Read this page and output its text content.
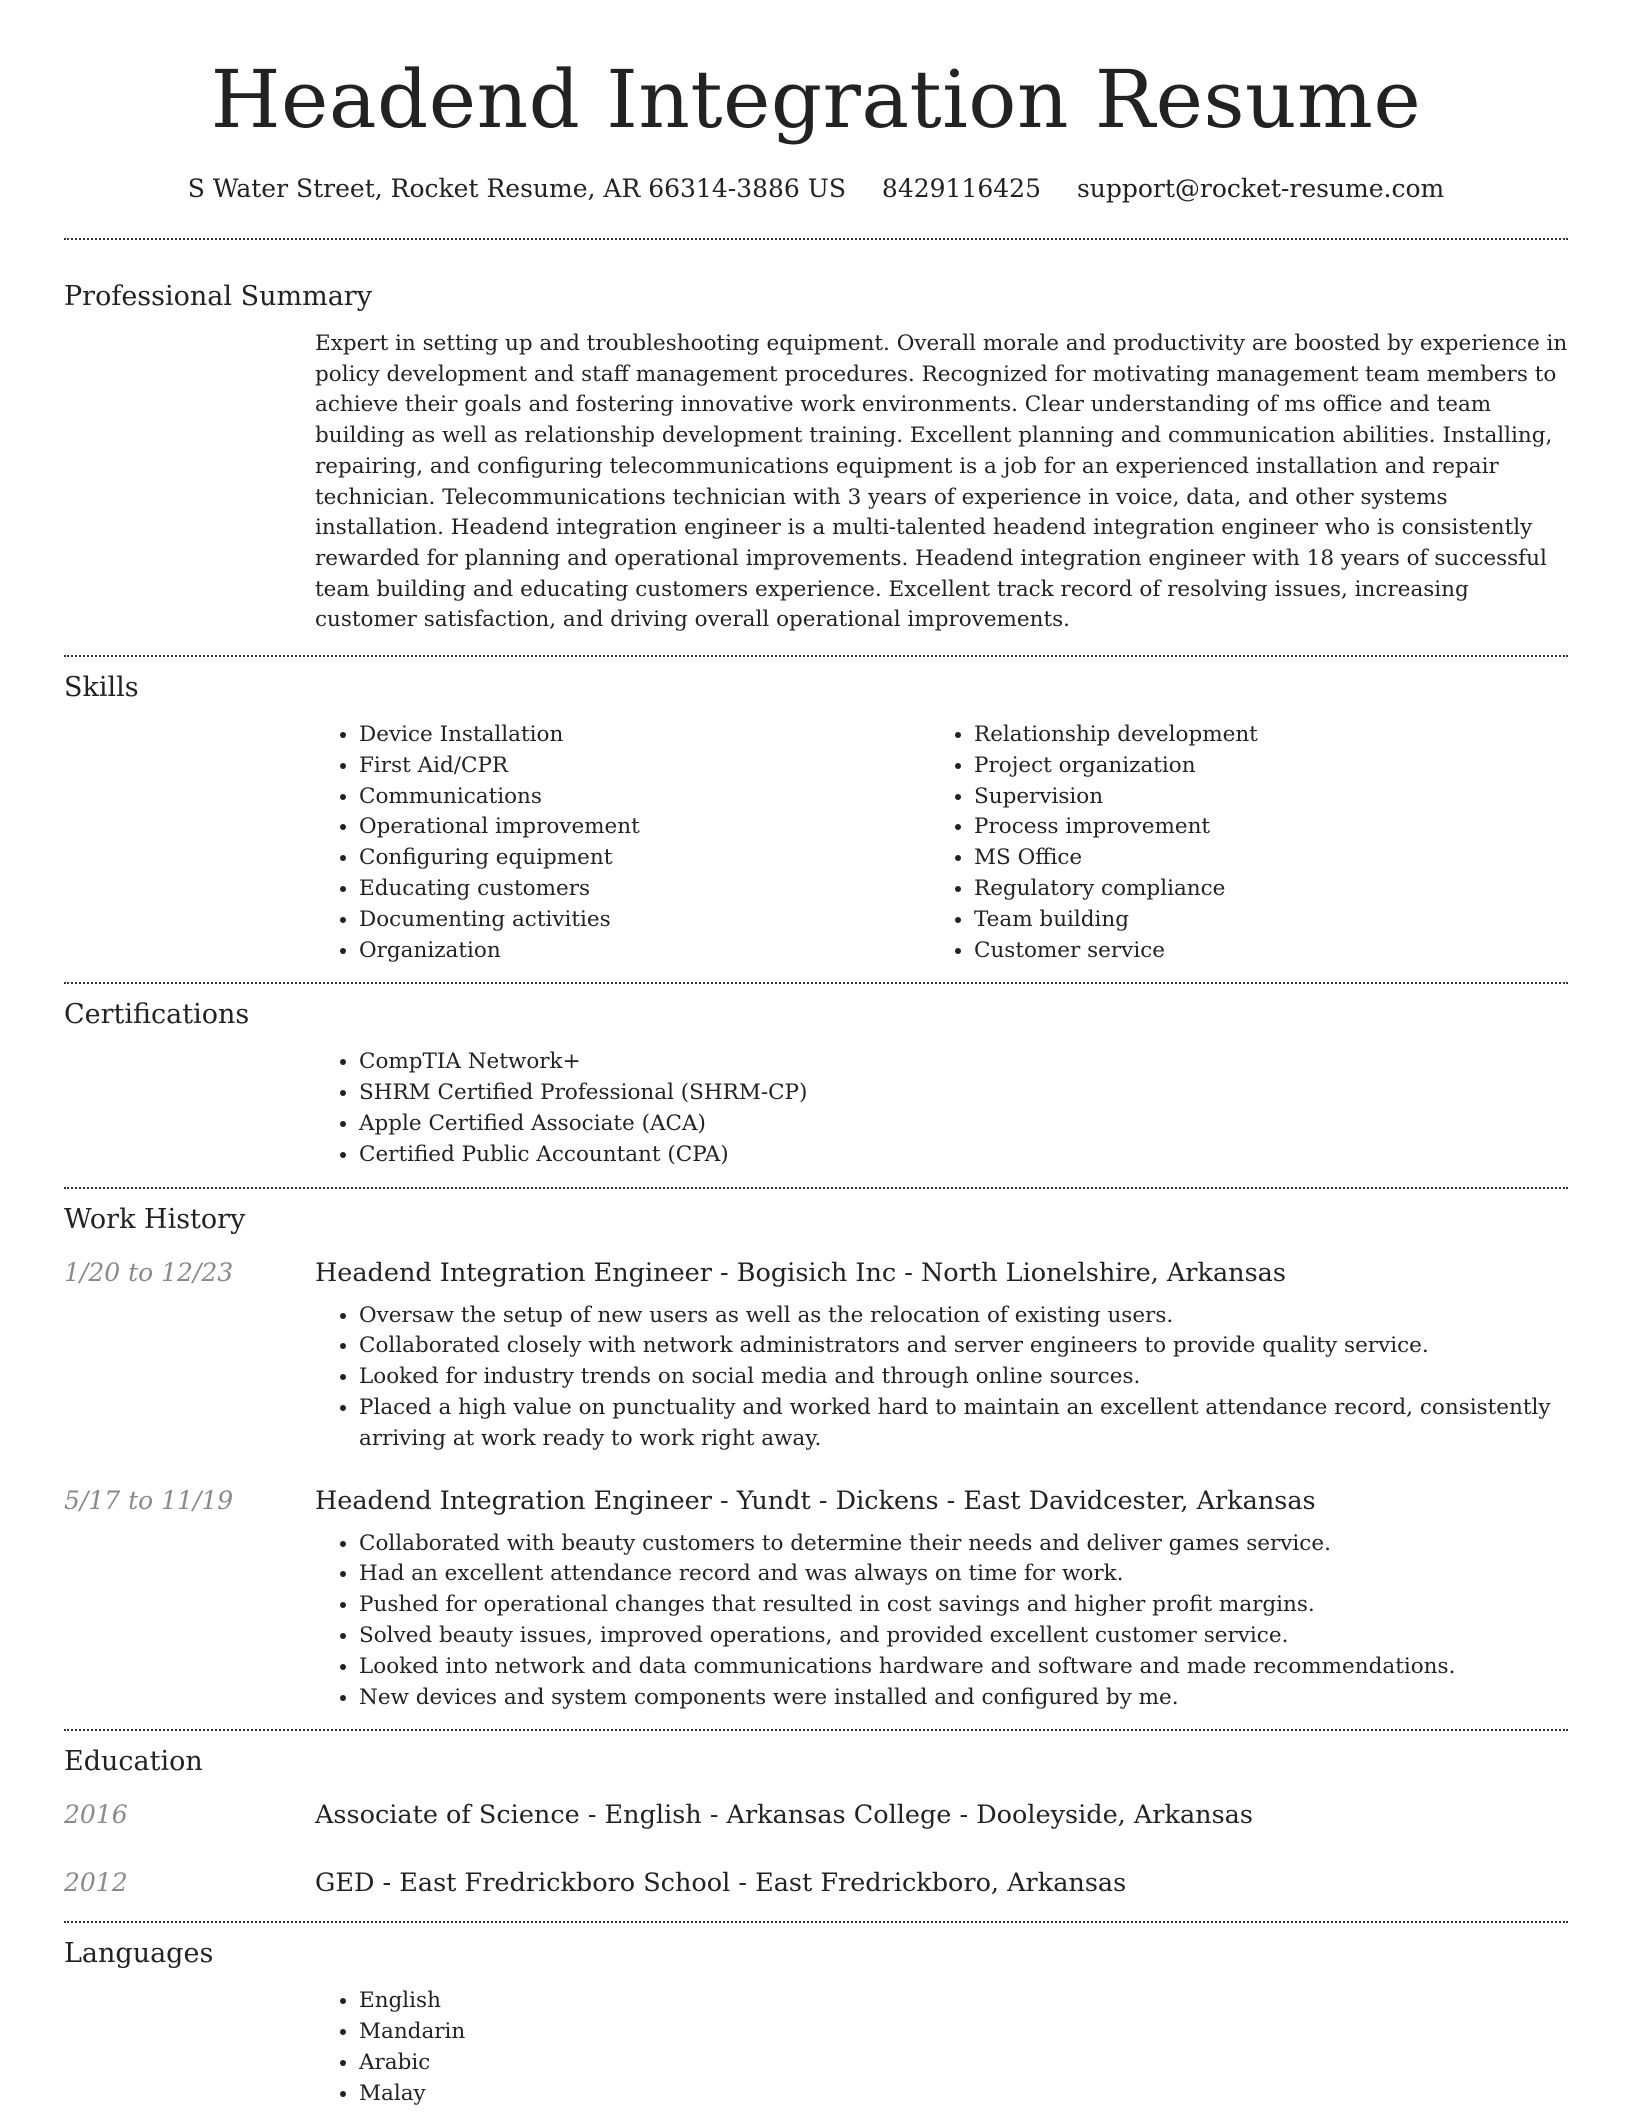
Headend Integration Resume
S Water Street, Rocket Resume, AR 66314-3886 US 8429116425 support@rocket-resume.com
Professional Summary
Expert in setting up and troubleshooting equipment. Overall morale and productivity are boosted by experience in policy development and staff management procedures. Recognized for motivating management team members to achieve their goals and fostering innovative work environments. Clear understanding of ms office and team building as well as relationship development training. Excellent planning and communication abilities. Installing, repairing, and configuring telecommunications equipment is a job for an experienced installation and repair technician. Telecommunications technician with 3 years of experience in voice, data, and other systems installation. Headend integration engineer is a multi-talented headend integration engineer who is consistently rewarded for planning and operational improvements. Headend integration engineer with 18 years of successful team building and educating customers experience. Excellent track record of resolving issues, increasing customer satisfaction, and driving overall operational improvements.
Skills
• Device Installation
• First Aid/CPR
• Communications
• Operational improvement
• Configuring equipment
• Educating customers
• Documenting activities
• Organization
• Relationship development
• Project organization
• Supervision
• Process improvement
• MS Office
• Regulatory compliance
• Team building
• Customer service
Certifications
• CompTIA Network+
• SHRM Certified Professional (SHRM-CP)
• Apple Certified Associate (ACA)
• Certified Public Accountant (CPA)
Work History
1/20 to 12/23	Headend Integration Engineer - Bogisich Inc - North Lionelshire, Arkansas
• Oversaw the setup of new users as well as the relocation of existing users.
• Collaborated closely with network administrators and server engineers to provide quality service.
• Looked for industry trends on social media and through online sources.
• Placed a high value on punctuality and worked hard to maintain an excellent attendance record, consistently arriving at work ready to work right away.
5/17 to 11/19	Headend Integration Engineer - Yundt - Dickens - East Davidcester, Arkansas
• Collaborated with beauty customers to determine their needs and deliver games service.
• Had an excellent attendance record and was always on time for work.
• Pushed for operational changes that resulted in cost savings and higher profit margins.
• Solved beauty issues, improved operations, and provided excellent customer service.
• Looked into network and data communications hardware and software and made recommendations.
• New devices and system components were installed and configured by me.
Education
2016	Associate of Science - English - Arkansas College - Dooleyside, Arkansas
2012	GED - East Fredrickboro School - East Fredrickboro, Arkansas
Languages
• English
• Mandarin
• Arabic
• Malay
